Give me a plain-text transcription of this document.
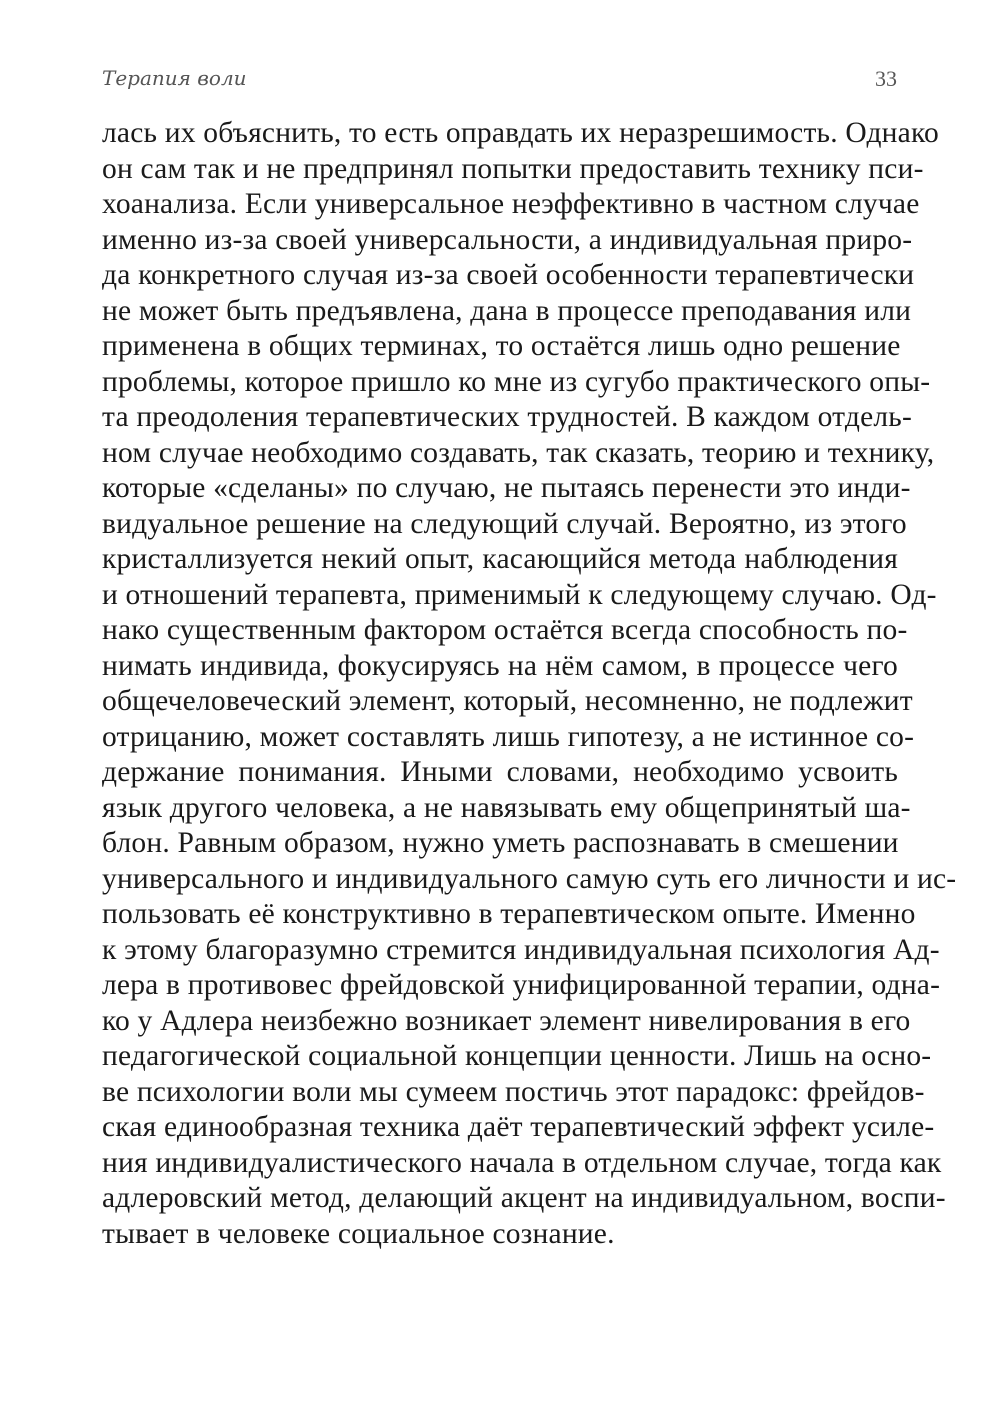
Терапия воли	33
лась их объяснить, то есть оправдать их неразрешимость. Однако
он сам так и не предпринял попытки предоставить технику пси-
хоанализа. Если универсальное неэффективно в частном случае
именно из-за своей универсальности, а индивидуальная приро-
да конкретного случая из-за своей особенности терапевтически
не может быть предъявлена, дана в процессе преподавания или
применена в общих терминах, то остаётся лишь одно решение
проблемы, которое пришло ко мне из сугубо практического опы-
та преодоления терапевтических трудностей. В каждом отдель-
ном случае необходимо создавать, так сказать, теорию и технику,
которые «сделаны» по случаю, не пытаясь перенести это инди-
видуальное решение на следующий случай. Вероятно, из этого
кристаллизуется некий опыт, касающийся метода наблюдения
и отношений терапевта, применимый к следующему случаю. Од-
нако существенным фактором остаётся всегда способность по-
нимать индивида, фокусируясь на нём самом, в процессе чего
общечеловеческий элемент, который, несомненно, не подлежит
отрицанию, может составлять лишь гипотезу, а не истинное со-
держание понимания. Иными словами, необходимо усвоить
язык другого человека, а не навязывать ему общепринятый ша-
блон. Равным образом, нужно уметь распознавать в смешении
универсального и индивидуального самую суть его личности и ис-
пользовать её конструктивно в терапевтическом опыте. Именно
к этому благоразумно стремится индивидуальная психология Ад-
лера в противовес фрейдовской унифицированной терапии, одна-
ко у Адлера неизбежно возникает элемент нивелирования в его
педагогической социальной концепции ценности. Лишь на осно-
ве психологии воли мы сумеем постичь этот парадокс: фрейдов-
ская единообразная техника даёт терапевтический эффект усиле-
ния индивидуалистического начала в отдельном случае, тогда как
адлеровский метод, делающий акцент на индивидуальном, воспи-
тывает в человеке социальное сознание.
